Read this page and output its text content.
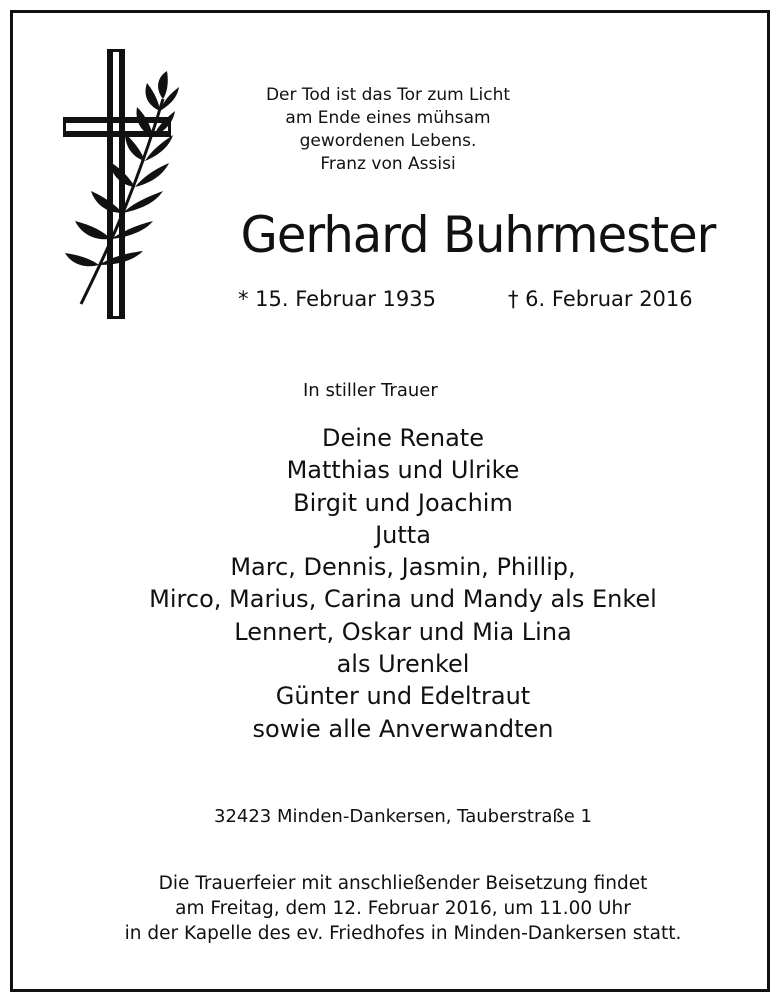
Der Tod ist das Tor zum Licht
am Ende eines mühsam gewordenen Lebens.
Franz von Assisi
Gerhard Buhrmester
* 15. Februar 1935	† 6. Februar 2016
In stiller Trauer
Deine Renate
Matthias und Ulrike
Birgit und Joachim
Jutta
Marc, Dennis, Jasmin, Phillip,
Mirco, Marius, Carina und Mandy als Enkel
Lennert, Oskar und Mia Lina
als Urenkel
Günter und Edeltraut
sowie alle Anverwandten
32423 Minden-Dankersen, Tauberstraße 1
Die Trauerfeier mit anschließender Beisetzung findet
am Freitag, dem 12. Februar 2016, um 11.00 Uhr
in der Kapelle des ev. Friedhofes in Minden-Dankersen statt.
